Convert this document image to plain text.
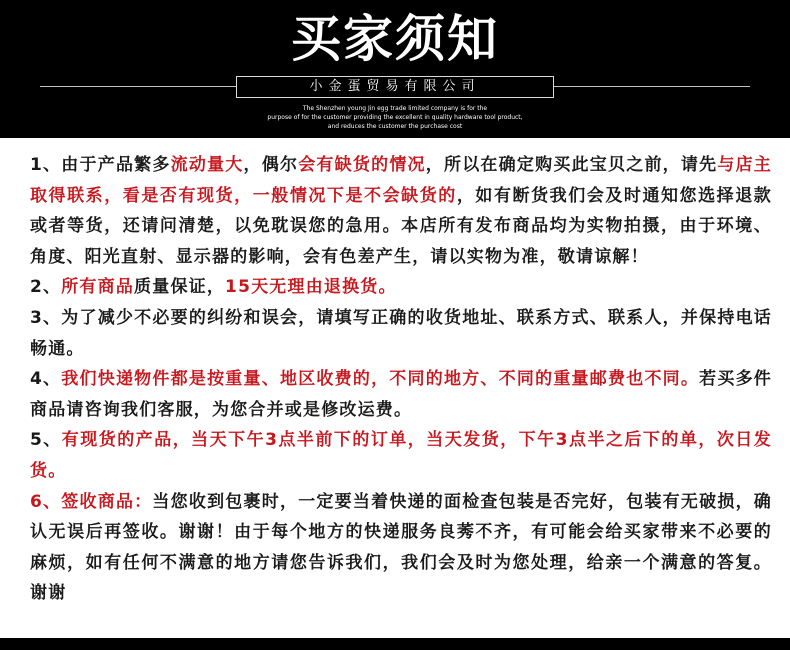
买家须知
小金蛋贸易有限公司
The Shenzhen young Jin egg trade limited company is for the
purpose of for the customer providing the excellent in quality hardware tool product,
and reduces the customer the purchase cost

1、由于产品繁多流动量大，偶尔会有缺货的情况，所以在确定购买此宝贝之前，请先与店主取得联系，看是否有现货，一般情况下是不会缺货的，如有断货我们会及时通知您选择退款或者等货，还请问清楚，以免耽误您的急用。本店所有发布商品均为实物拍摄，由于环境、角度、阳光直射、显示器的影响，会有色差产生，请以实物为准，敬请谅解！

2、所有商品质量保证，15天无理由退换货。

3、为了减少不必要的纠纷和误会，请填写正确的收货地址、联系方式、联系人，并保持电话畅通。

4、我们快递物件都是按重量、地区收费的，不同的地方、不同的重量邮费也不同。若买多件商品请咨询我们客服，为您合并或是修改运费。

5、有现货的产品，当天下午3点半前下的订单，当天发货，下午3点半之后下的单，次日发货。

6、签收商品：当您收到包裹时，一定要当着快递的面检查包装是否完好，包装有无破损，确认无误后再签收。谢谢！由于每个地方的快递服务良莠不齐，有可能会给买家带来不必要的麻烦，如有任何不满意的地方请您告诉我们，我们会及时为您处理，给亲一个满意的答复。谢谢
